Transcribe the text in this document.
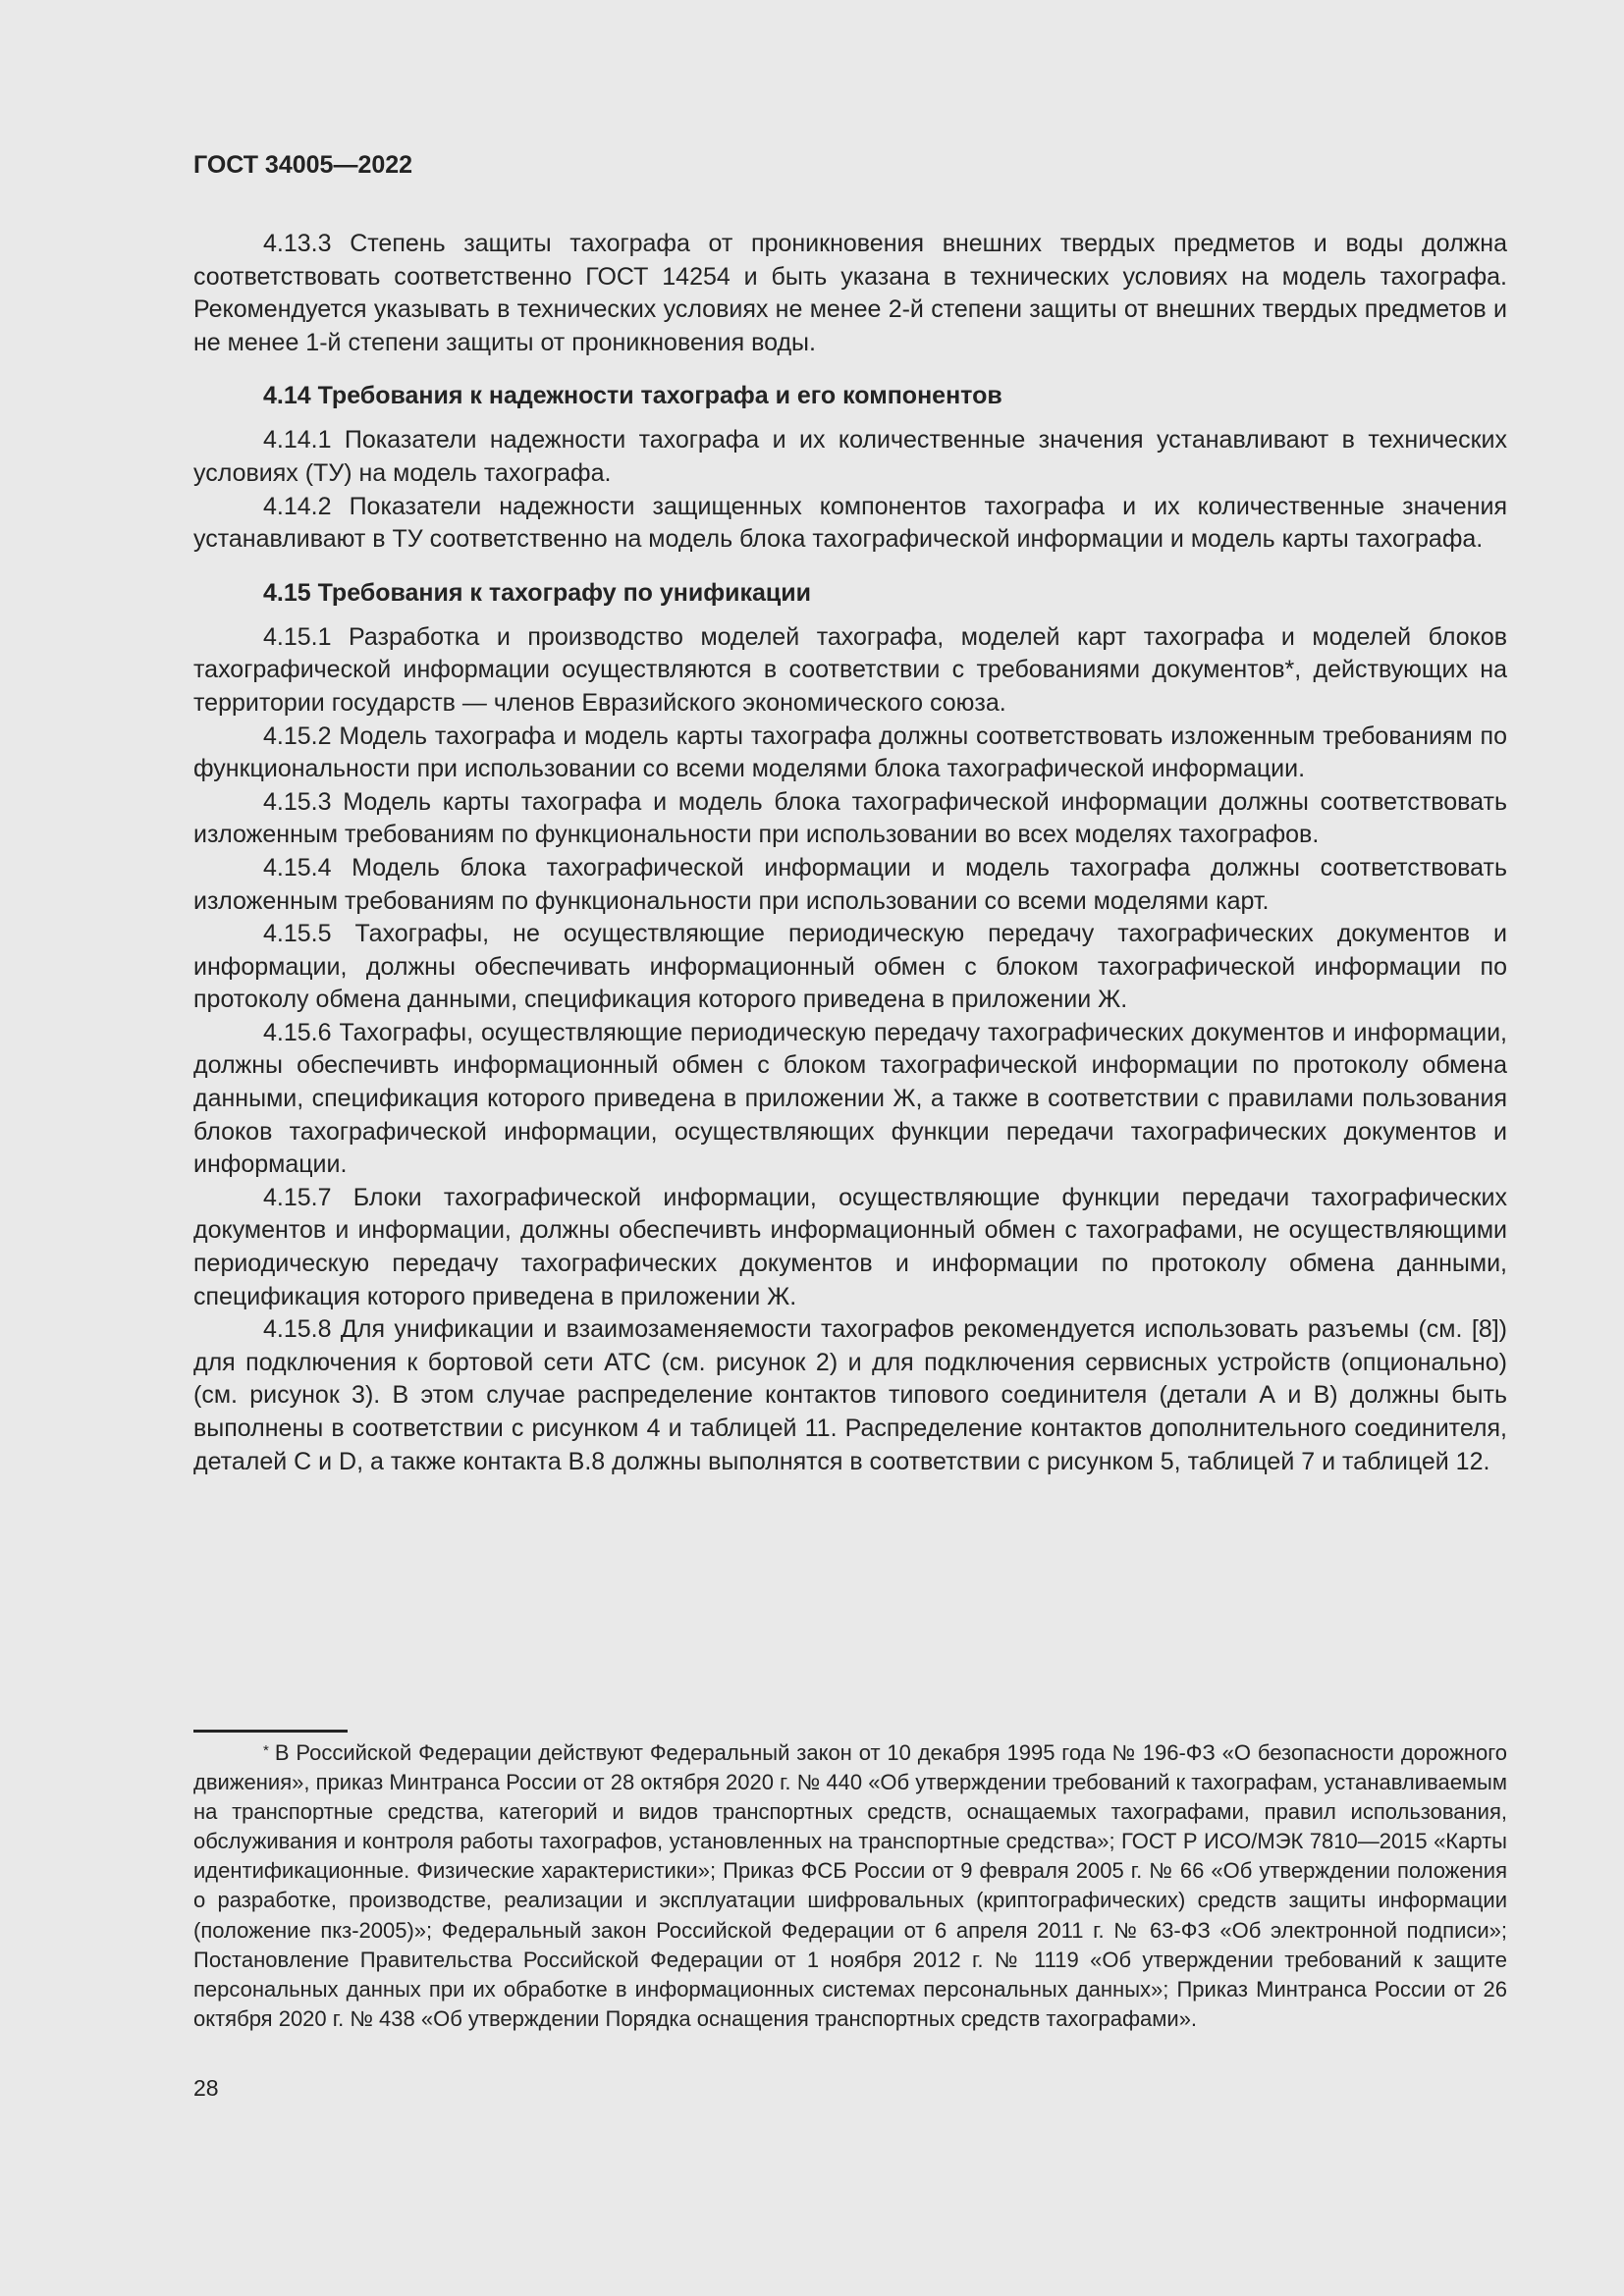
ГОСТ 34005—2022

4.13.3 Степень защиты тахографа от проникновения внешних твердых предметов и воды должна соответствовать соответственно ГОСТ 14254 и быть указана в технических условиях на модель тахографа. Рекомендуется указывать в технических условиях не менее 2-й степени защиты от внешних твердых предметов и не менее 1-й степени защиты от проникновения воды.

4.14 Требования к надежности тахографа и его компонентов

4.14.1 Показатели надежности тахографа и их количественные значения устанавливают в технических условиях (ТУ) на модель тахографа.

4.14.2 Показатели надежности защищенных компонентов тахографа и их количественные значения устанавливают в ТУ соответственно на модель блока тахографической информации и модель карты тахографа.

4.15 Требования к тахографу по унификации

4.15.1 Разработка и производство моделей тахографа, моделей карт тахографа и моделей блоков тахографической информации осуществляются в соответствии с требованиями документов*, действующих на территории государств — членов Евразийского экономического союза.

4.15.2 Модель тахографа и модель карты тахографа должны соответствовать изложенным требованиям по функциональности при использовании со всеми моделями блока тахографической информации.

4.15.3 Модель карты тахографа и модель блока тахографической информации должны соответствовать изложенным требованиям по функциональности при использовании во всех моделях тахографов.

4.15.4 Модель блока тахографической информации и модель тахографа должны соответствовать изложенным требованиям по функциональности при использовании со всеми моделями карт.

4.15.5 Тахографы, не осуществляющие периодическую передачу тахографических документов и информации, должны обеспечивать информационный обмен с блоком тахографической информации по протоколу обмена данными, спецификация которого приведена в приложении Ж.

4.15.6 Тахографы, осуществляющие периодическую передачу тахографических документов и информации, должны обеспечивть информационный обмен с блоком тахографической информации по протоколу обмена данными, спецификация которого приведена в приложении Ж, а также в соответствии с правилами пользования блоков тахографической информации, осуществляющих функции передачи тахографических документов и информации.

4.15.7 Блоки тахографической информации, осуществляющие функции передачи тахографических документов и информации, должны обеспечивть информационный обмен с тахографами, не осуществляющими периодическую передачу тахографических документов и информации по протоколу обмена данными, спецификация которого приведена в приложении Ж.

4.15.8 Для унификации и взаимозаменяемости тахографов рекомендуется использовать разъемы (см. [8]) для подключения к бортовой сети АТС (см. рисунок 2) и для подключения сервисных устройств (опционально) (см. рисунок 3). В этом случае распределение контактов типового соединителя (детали А и В) должны быть выполнены в соответствии с рисунком 4 и таблицей 11. Распределение контактов дополнительного соединителя, деталей С и D, а также контакта В.8 должны выполнятся в соответствии с рисунком 5, таблицей 7 и таблицей 12.

* В Российской Федерации действуют Федеральный закон от 10 декабря 1995 года № 196-ФЗ «О безопасности дорожного движения», приказ Минтранса России от 28 октября 2020 г. № 440 «Об утверждении требований к тахографам, устанавливаемым на транспортные средства, категорий и видов транспортных средств, оснащаемых тахографами, правил использования, обслуживания и контроля работы тахографов, установленных на транспортные средства»; ГОСТ Р ИСО/МЭК 7810—2015 «Карты идентификационные. Физические характеристики»; Приказ ФСБ России от 9 февраля 2005 г. № 66 «Об утверждении положения о разработке, производстве, реализации и эксплуатации шифровальных (криптографических) средств защиты информации (положение пкз-2005)»; Федеральный закон Российской Федерации от 6 апреля 2011 г. № 63-ФЗ «Об электронной подписи»; Постановление Правительства Российской Федерации от 1 ноября 2012 г. № 1119 «Об утверждении требований к защите персональных данных при их обработке в информационных системах персональных данных»; Приказ Минтранса России от 26 октября 2020 г. № 438 «Об утверждении Порядка оснащения транспортных средств тахографами».

28
